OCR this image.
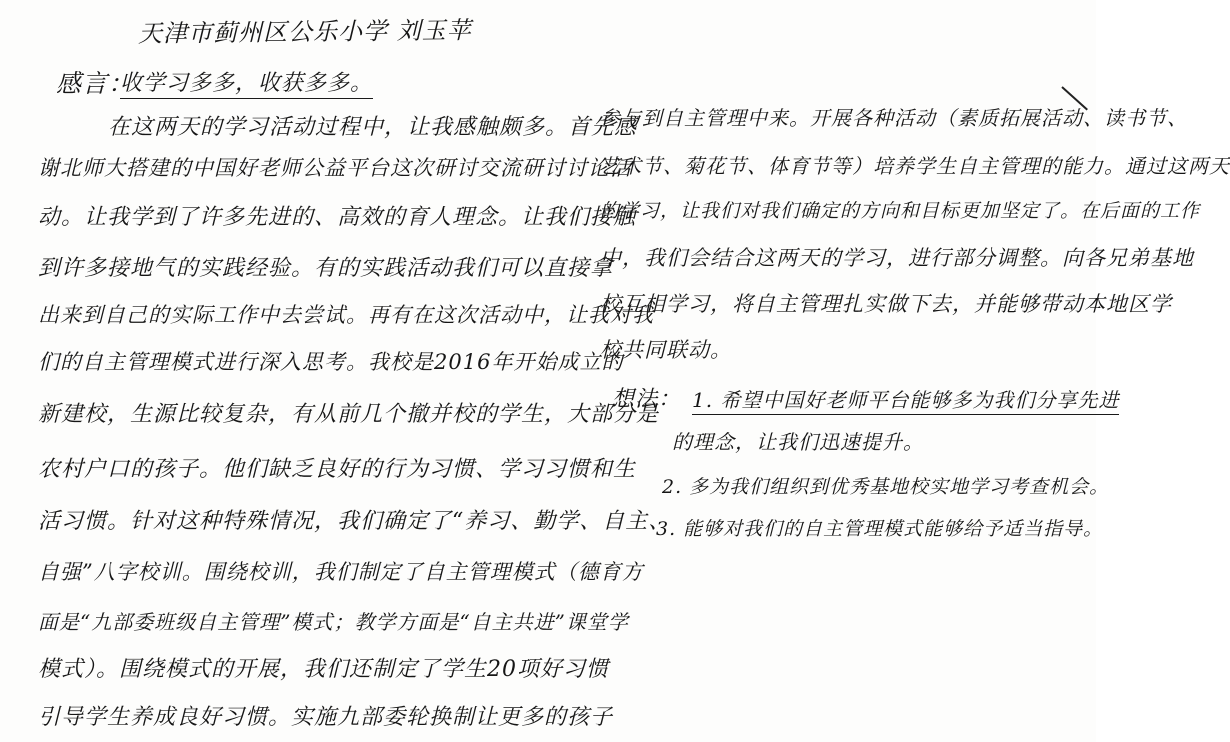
天津市蓟州区公乐小学 刘玉苹
感言：
收学习多多，收获多多。
在这两天的学习活动过程中，让我感触颇多。首先感
谢北师大搭建的中国好老师公益平台这次研讨交流研讨讨论活
动。让我学到了许多先进的、高效的育人理念。让我们接触
到许多接地气的实践经验。有的实践活动我们可以直接拿
出来到自己的实际工作中去尝试。再有在这次活动中，让我对我
们的自主管理模式进行深入思考。我校是2016年开始成立的
新建校，生源比较复杂，有从前几个撤并校的学生，大部分是
农村户口的孩子。他们缺乏良好的行为习惯、学习习惯和生
活习惯。针对这种特殊情况，我们确定了“养习、勤学、自主、
自强”八字校训。围绕校训，我们制定了自主管理模式（德育方
面是“九部委班级自主管理”模式；教学方面是“自主共进”课堂学
模式）。围绕模式的开展，我们还制定了学生20项好习惯
引导学生养成良好习惯。实施九部委轮换制让更多的孩子
参与到自主管理中来。开展各种活动（素质拓展活动、读书节、
艺术节、菊花节、体育节等）培养学生自主管理的能力。通过这两天
的学习，让我们对我们确定的方向和目标更加坚定了。在后面的工作
中，我们会结合这两天的学习，进行部分调整。向各兄弟基地
校互相学习，将自主管理扎实做下去，并能够带动本地区学
校共同联动。
想法： 1. 希望中国好老师平台能够多为我们分享先进
的理念，让我们迅速提升。
2. 多为我们组织到优秀基地校实地学习考查机会。
3. 能够对我们的自主管理模式能够给予适当指导。
